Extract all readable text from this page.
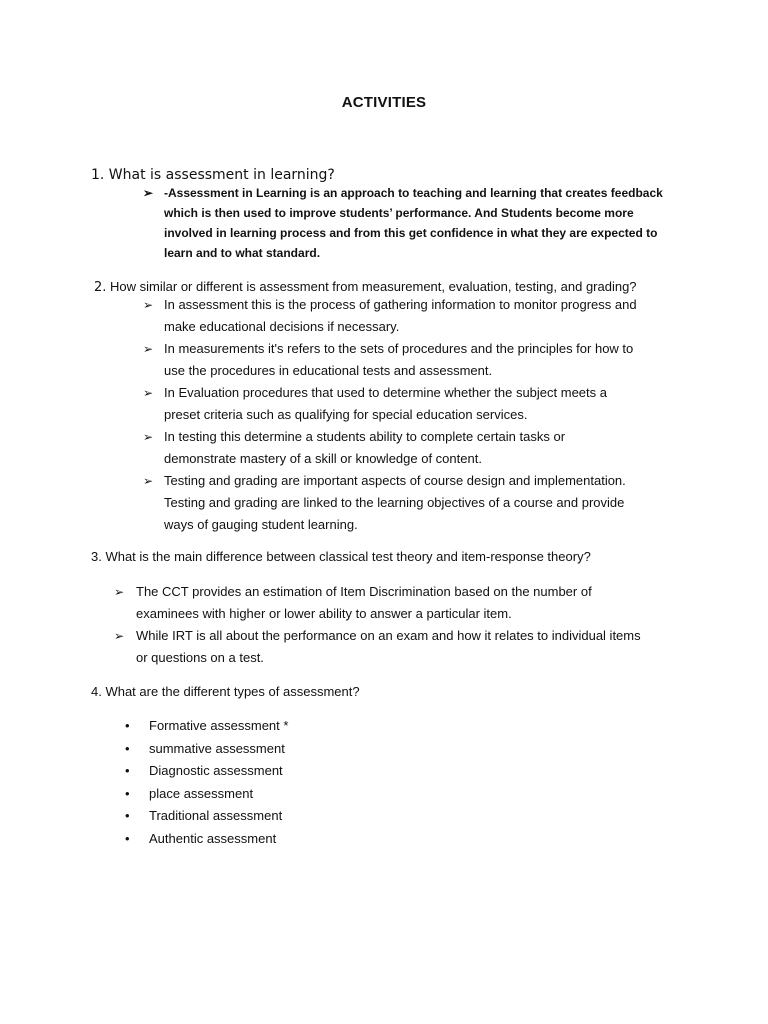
ACTIVITIES
1. What is assessment in learning?
➢ -Assessment in Learning is an approach to teaching and learning that creates feedback
which is then used to improve students’ performance. And Students become more
involved in learning process and from this get confidence in what they are expected to
learn and to what standard.
2. How similar or different is assessment from measurement, evaluation, testing, and grading?
➢ In assessment this is the process of gathering information to monitor progress and
make educational decisions if necessary.
➢ In measurements it's refers to the sets of procedures and the principles for how to
use the procedures in educational tests and assessment.
➢ In Evaluation procedures that used to determine whether the subject meets a
preset criteria such as qualifying for special education services.
➢ In testing this determine a students ability to complete certain tasks or
demonstrate mastery of a skill or knowledge of content.
➢ Testing and grading are important aspects of course design and implementation.
Testing and grading are linked to the learning objectives of a course and provide
ways of gauging student learning.
3. What is the main difference between classical test theory and item-response theory?
➢ The CCT provides an estimation of Item Discrimination based on the number of
examinees with higher or lower ability to answer a particular item.
➢ While IRT is all about the performance on an exam and how it relates to individual items
or questions on a test.
4. What are the different types of assessment?
• Formative assessment *
• summative assessment
• Diagnostic assessment
• place assessment
• Traditional assessment
• Authentic assessment
